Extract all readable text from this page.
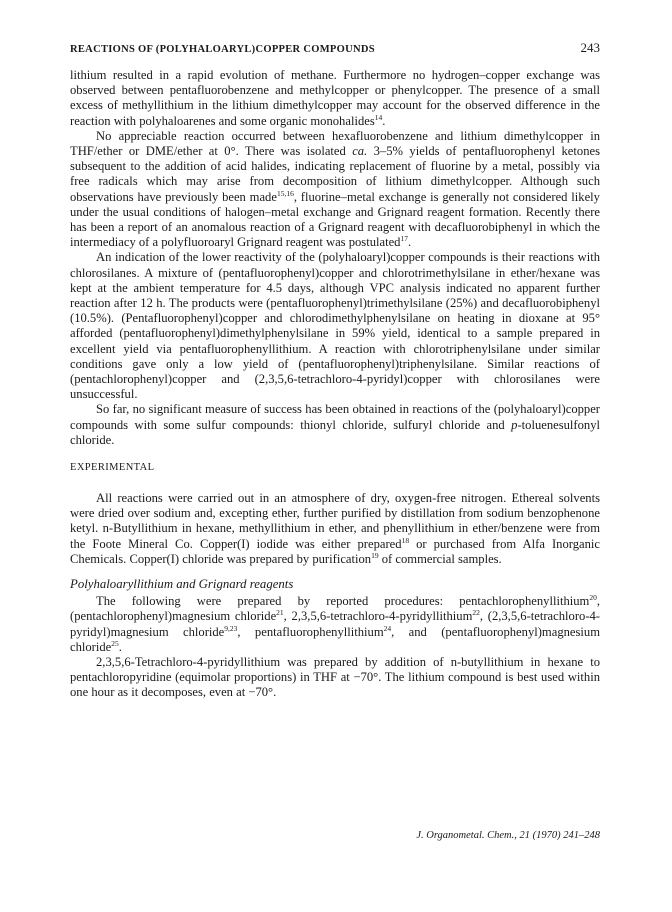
REACTIONS OF (POLYHALOARYL)COPPER COMPOUNDS	243

lithium resulted in a rapid evolution of methane. Furthermore no hydrogen–copper exchange was observed between pentafluorobenzene and methylcopper or phenylcopper. The presence of a small excess of methyllithium in the lithium dimethylcopper may account for the observed difference in the reaction with polyhaloarenes and some organic monohalides$^{14}$.

No appreciable reaction occurred between hexafluorobenzene and lithium dimethylcopper in THF/ether or DME/ether at 0°. There was isolated ca. 3–5% yields of pentafluorophenyl ketones subsequent to the addition of acid halides, indicating replacement of fluorine by a metal, possibly via free radicals which may arise from decomposition of lithium dimethylcopper. Although such observations have previously been made$^{15,16}$, fluorine–metal exchange is generally not considered likely under the usual conditions of halogen–metal exchange and Grignard reagent formation. Recently there has been a report of an anomalous reaction of a Grignard reagent with decafluorobiphenyl in which the intermediacy of a polyfluoroaryl Grignard reagent was postulated$^{17}$.

An indication of the lower reactivity of the (polyhaloaryl)copper compounds is their reactions with chlorosilanes. A mixture of (pentafluorophenyl)copper and chlorotrimethylsilane in ether/hexane was kept at the ambient temperature for 4.5 days, although VPC analysis indicated no apparent further reaction after 12 h. The products were (pentafluorophenyl)trimethylsilane (25%) and decafluorobiphenyl (10.5%). (Pentafluorophenyl)copper and chlorodimethylphenylsilane on heating in dioxane at 95° afforded (pentafluorophenyl)dimethylphenylsilane in 59% yield, identical to a sample prepared in excellent yield via pentafluorophenyllithium. A reaction with chlorotriphenylsilane under similar conditions gave only a low yield of (pentafluorophenyl)triphenylsilane. Similar reactions of (pentachlorophenyl)copper and (2,3,5,6-tetrachloro-4-pyridyl)copper with chlorosilanes were unsuccessful.

So far, no significant measure of success has been obtained in reactions of the (polyhaloaryl)copper compounds with some sulfur compounds: thionyl chloride, sulfuryl chloride and p-toluenesulfonyl chloride.

EXPERIMENTAL

All reactions were carried out in an atmosphere of dry, oxygen-free nitrogen. Ethereal solvents were dried over sodium and, excepting ether, further purified by distillation from sodium benzophenone ketyl. n-Butyllithium in hexane, methyllithium in ether, and phenyllithium in ether/benzene were from the Foote Mineral Co. Copper(I) iodide was either prepared$^{18}$ or purchased from Alfa Inorganic Chemicals. Copper(I) chloride was prepared by purification$^{19}$ of commercial samples.

Polyhaloaryllithium and Grignard reagents

The following were prepared by reported procedures: pentachlorophenyllithium$^{20}$, (pentachlorophenyl)magnesium chloride$^{21}$, 2,3,5,6-tetrachloro-4-pyridyllithium$^{22}$, (2,3,5,6-tetrachloro-4-pyridyl)magnesium chloride$^{9,23}$, pentafluorophenyllithium$^{24}$, and (pentafluorophenyl)magnesium chloride$^{25}$.

2,3,5,6-Tetrachloro-4-pyridyllithium was prepared by addition of n-butyllithium in hexane to pentachloropyridine (equimolar proportions) in THF at −70°. The lithium compound is best used within one hour as it decomposes, even at −70°.

J. Organometal. Chem., 21 (1970) 241–248
